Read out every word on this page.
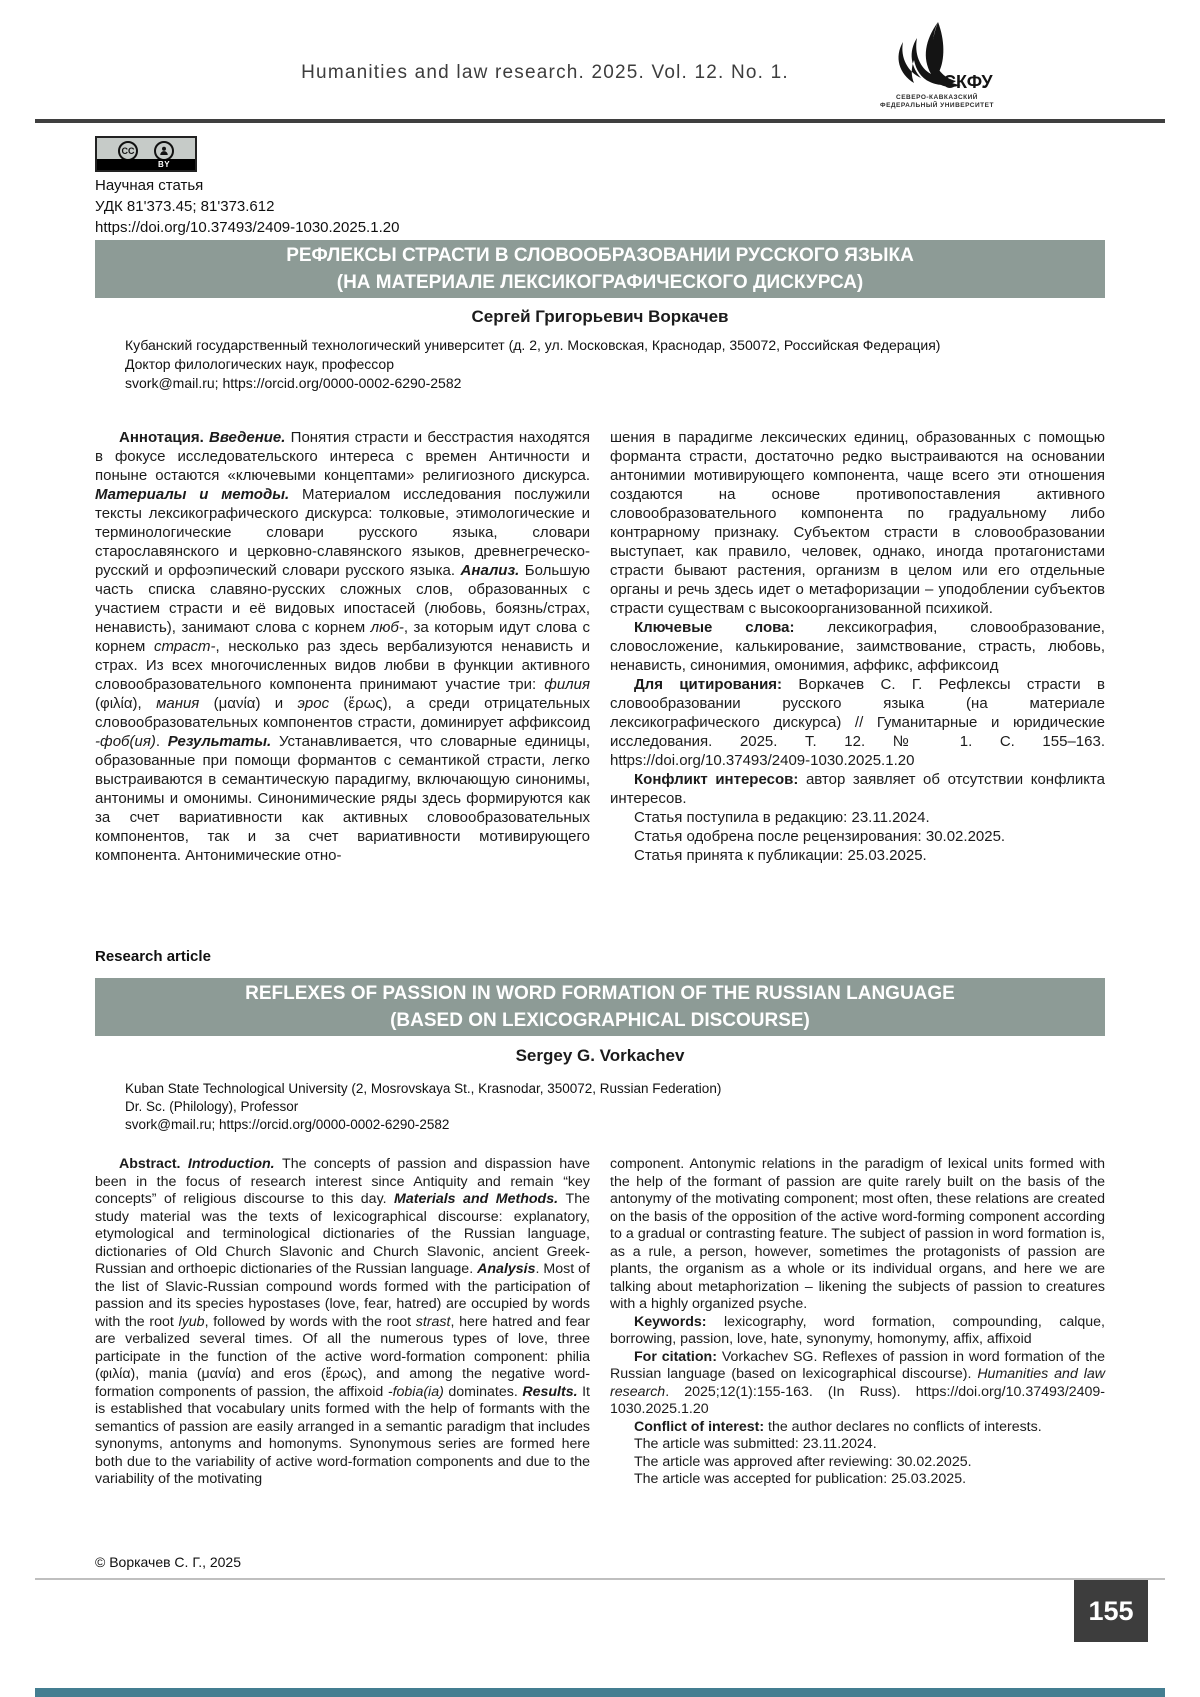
Humanities and law research. 2025. Vol. 12. No. 1.	СКФУ
СЕВЕРО-КАВКАЗСКИЙ
ФЕДЕРАЛЬНЫЙ УНИВЕРСИТЕТ
CC
BY
Научная статья
УДК 81'373.45; 81'373.612
https://doi.org/10.37493/2409-1030.2025.1.20
РЕФЛЕКСЫ СТРАСТИ В СЛОВООБРАЗОВАНИИ РУССКОГО ЯЗЫКА
(НА МАТЕРИАЛЕ ЛЕКСИКОГРАФИЧЕСКОГО ДИСКУРСА)
Сергей Григорьевич Воркачев
Кубанский государственный технологический университет (д. 2, ул. Московская, Краснодар, 350072, Российская Федерация)
Доктор филологических наук, профессор
svork@mail.ru; https://orcid.org/0000-0002-6290-2582

Аннотация. Введение. Понятия страсти и бесстрастия находятся в фокусе исследовательского интереса с времен Античности и поныне остаются «ключевыми концептами» религиозного дискурса. Материалы и методы. Материалом исследования послужили тексты лексикографического дискурса: толковые, этимологические и терминологические словари русского языка, словари старославянского и церковно-славянского языков, древнегреческо-русский и орфоэпический словари русского языка. Анализ. Большую часть списка славяно-русских сложных слов, образованных с участием страсти и её видовых ипостасей (любовь, боязнь/страх, ненависть), занимают слова с корнем люб-, за которым идут слова с корнем страст-, несколько раз здесь вербализуются ненависть и страх. Из всех многочисленных видов любви в функции активного словообразовательного компонента принимают участие три: филия (φιλία), мания (μανία) и эрос (ἔρως), а среди отрицательных словообразовательных компонентов страсти, доминирует аффиксоид -фоб(ия). Результаты. Устанавливается, что словарные единицы, образованные при помощи формантов с семантикой страсти, легко выстраиваются в семантическую парадигму, включающую синонимы, антонимы и омонимы. Синонимические ряды здесь формируются как за счет вариативности как активных словообразовательных компонентов, так и за счет вариативности мотивирующего компонента. Антонимические отно-

шения в парадигме лексических единиц, образованных с помощью форманта страсти, достаточно редко выстраиваются на основании антонимии мотивирующего компонента, чаще всего эти отношения создаются на основе противопоставления активного словообразовательного компонента по градуальному либо контрарному признаку. Субъектом страсти в словообразовании выступает, как правило, человек, однако, иногда протагонистами страсти бывают растения, организм в целом или его отдельные органы и речь здесь идет о метафоризации – уподоблении субъектов страсти существам с высокоорганизованной психикой.

Ключевые слова: лексикография, словообразование, словосложение, калькирование, заимствование, страсть, любовь, ненависть, синонимия, омонимия, аффикс, аффиксоид

Для цитирования: Воркачев С. Г. Рефлексы страсти в словообразовании русского языка (на материале лексикографического дискурса) // Гуманитарные и юридические исследования. 2025. Т. 12. № 1. С. 155–163. https://doi.org/10.37493/2409-1030.2025.1.20

Конфликт интересов: автор заявляет об отсутствии конфликта интересов.

Статья поступила в редакцию: 23.11.2024.

Статья одобрена после рецензирования: 30.02.2025.

Статья принята к публикации: 25.03.2025.

Research article
REFLEXES OF PASSION IN WORD FORMATION OF THE RUSSIAN LANGUAGE
(BASED ON LEXICOGRAPHICAL DISCOURSE)
Sergey G. Vorkachev
Kuban State Technological University (2, Mosrovskaya St., Krasnodar, 350072, Russian Federation)
Dr. Sc. (Philology), Professor
svork@mail.ru; https://orcid.org/0000-0002-6290-2582

Abstract. Introduction. The concepts of passion and dispassion have been in the focus of research interest since Antiquity and remain “key concepts” of religious discourse to this day. Materials and Methods. The study material was the texts of lexicographical discourse: explanatory, etymological and terminological dictionaries of the Russian language, dictionaries of Old Church Slavonic and Church Slavonic, ancient Greek-Russian and orthoepic dictionaries of the Russian language. Analysis. Most of the list of Slavic-Russian compound words formed with the participation of passion and its species hypostases (love, fear, hatred) are occupied by words with the root lyub, followed by words with the root strast, here hatred and fear are verbalized several times. Of all the numerous types of love, three participate in the function of the active word-formation component: philia (φιλία), mania (μανία) and eros (ἔρως), and among the negative word-formation components of passion, the affixoid -fobia(ia) dominates. Results. It is established that vocabulary units formed with the help of formants with the semantics of passion are easily arranged in a semantic paradigm that includes synonyms, antonyms and homonyms. Synonymous series are formed here both due to the variability of active word-formation components and due to the variability of the motivating

component. Antonymic relations in the paradigm of lexical units formed with the help of the formant of passion are quite rarely built on the basis of the antonymy of the motivating component; most often, these relations are created on the basis of the opposition of the active word-forming component according to a gradual or contrasting feature. The subject of passion in word formation is, as a rule, a person, however, sometimes the protagonists of passion are plants, the organism as a whole or its individual organs, and here we are talking about metaphorization – likening the subjects of passion to creatures with a highly organized psyche.

Keywords: lexicography, word formation, compounding, calque, borrowing, passion, love, hate, synonymy, homonymy, affix, affixoid

For citation: Vorkachev SG. Reflexes of passion in word formation of the Russian language (based on lexicographical discourse). Humanities and law research. 2025;12(1):155-163. (In Russ). https://doi.org/10.37493/2409-1030.2025.1.20

Conflict of interest: the author declares no conflicts of interests.

The article was submitted: 23.11.2024.

The article was approved after reviewing: 30.02.2025.

The article was accepted for publication: 25.03.2025.

© Воркачев С. Г., 2025
155
